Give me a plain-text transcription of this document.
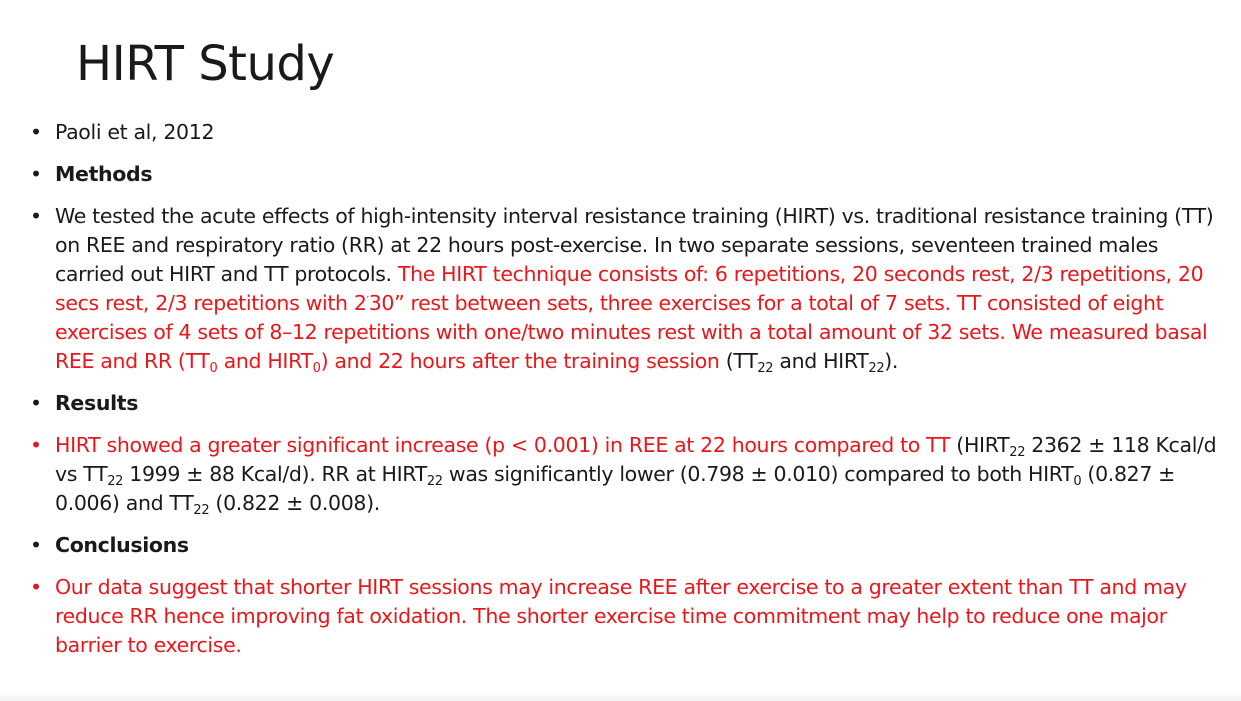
HIRT Study
• Paoli et al, 2012
• Methods
• We tested the acute effects of high-intensity interval resistance training (HIRT) vs. traditional resistance training (TT) on REE and respiratory ratio (RR) at 22 hours post-exercise. In two separate sessions, seventeen trained males carried out HIRT and TT protocols. The HIRT technique consists of: 6 repetitions, 20 seconds rest, 2/3 repetitions, 20 secs rest, 2/3 repetitions with 2′30” rest between sets, three exercises for a total of 7 sets. TT consisted of eight exercises of 4 sets of 8–12 repetitions with one/two minutes rest with a total amount of 32 sets. We measured basal REE and RR ($TT_0$ and $HIRT_0$) and 22 hours after the training session ($TT_{22}$ and $HIRT_{22}$).
• Results
• HIRT showed a greater significant increase (p < 0.001) in REE at 22 hours compared to TT ($HIRT_{22}$ 2362 ± 118 Kcal/d vs $TT_{22}$ 1999 ± 88 Kcal/d). RR at $HIRT_{22}$ was significantly lower (0.798 ± 0.010) compared to both $HIRT_0$ (0.827 ± 0.006) and $TT_{22}$ (0.822 ± 0.008).
• Conclusions
• Our data suggest that shorter HIRT sessions may increase REE after exercise to a greater extent than TT and may reduce RR hence improving fat oxidation. The shorter exercise time commitment may help to reduce one major barrier to exercise.
